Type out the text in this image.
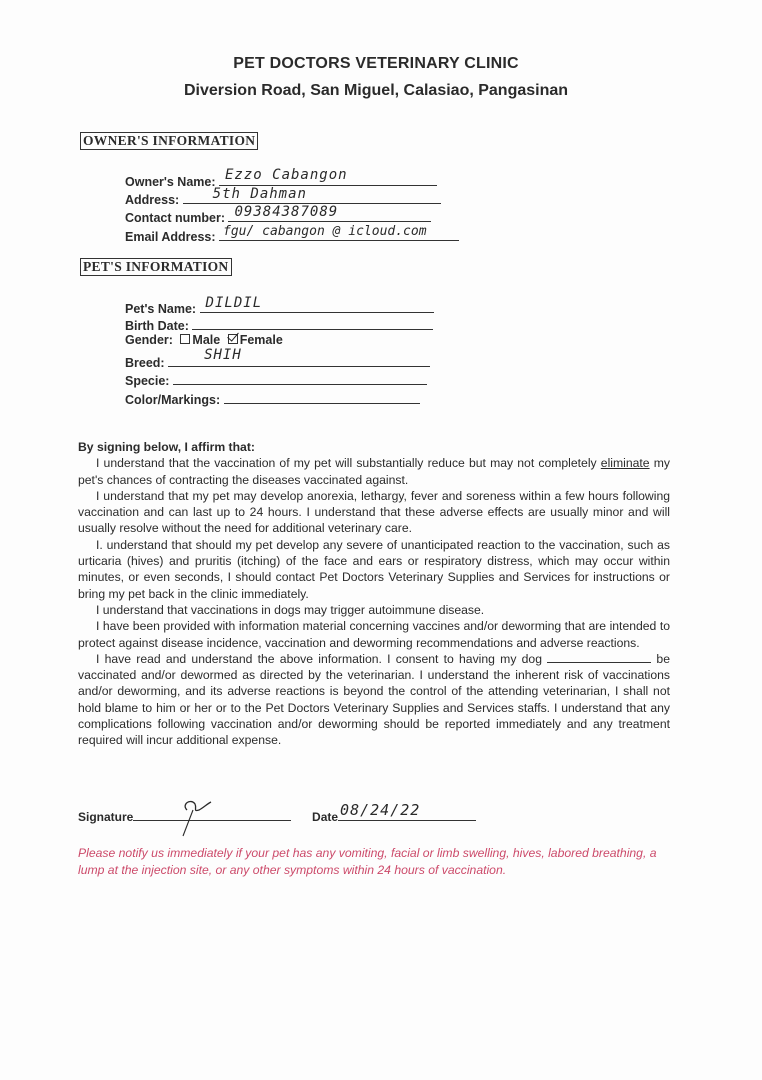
PET DOCTORS VETERINARY CLINIC
Diversion Road, San Miguel, Calasiao, Pangasinan
OWNER'S INFORMATION
Owner's Name: Ezzo Cabangon
Address: 5th Dahman
Contact number: 09384387089
Email Address: fgu/ cabangon @ icloud.com
PET'S INFORMATION
Pet's Name: DILDIL
Birth Date:
Gender: Male Female
Breed:	SHIH
Specie:
Color/Markings:

By signing below, I affirm that:

I understand that the vaccination of my pet will substantially reduce but may not completely eliminate my pet's chances of contracting the diseases vaccinated against.

I understand that my pet may develop anorexia, lethargy, fever and soreness within a few hours following vaccination and can last up to 24 hours. I understand that these adverse effects are usually minor and will usually resolve without the need for additional veterinary care.

I. understand that should my pet develop any severe of unanticipated reaction to the vaccination, such as urticaria (hives) and pruritis (itching) of the face and ears or respiratory distress, which may occur within minutes, or even seconds, I should contact Pet Doctors Veterinary Supplies and Services for instructions or bring my pet back in the clinic immediately.

I understand that vaccinations in dogs may trigger autoimmune disease.

I have been provided with information material concerning vaccines and/or deworming that are intended to protect against disease incidence, vaccination and deworming recommendations and adverse reactions.

I have read and understand the above information. I consent to having my dog	be vaccinated and/or dewormed as directed by the veterinarian. I understand the inherent risk of vaccinations and/or deworming, and its adverse reactions is beyond the control of the attending veterinarian, I shall not hold blame to him or her or to the Pet Doctors Veterinary Supplies and Services staffs. I understand that any complications following vaccination and/or deworming should be reported immediately and any treatment required will incur additional expense.

Signature	Date 08/24/22
Please notify us immediately if your pet has any vomiting, facial or limb swelling, hives, labored breathing, a lump at the injection site, or any other symptoms within 24 hours of vaccination.
